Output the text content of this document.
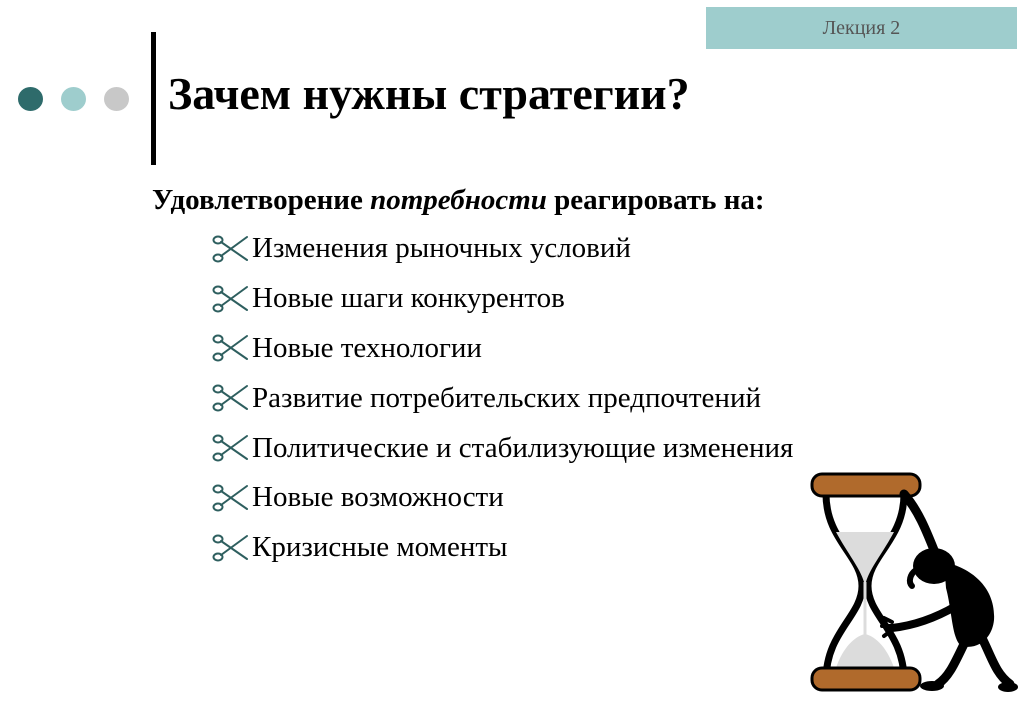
Лекция 2
Зачем нужны стратегии?

Удовлетворение потребности реагировать на:

Изменения рыночных условий
Новые шаги конкурентов
Новые технологии
Развитие потребительских предпочтений
Политические и стабилизующие изменения
Новые возможности
Кризисные моменты
